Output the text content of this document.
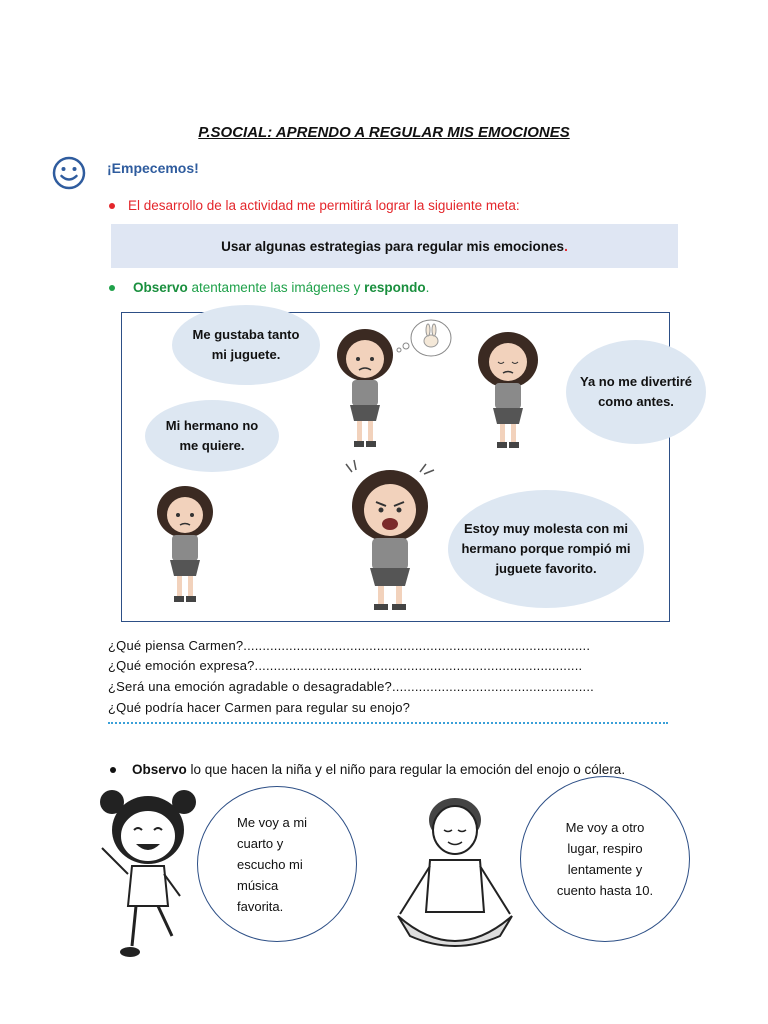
P.SOCIAL: APRENDO A REGULAR MIS EMOCIONES
¡Empecemos!
El desarrollo de la actividad me permitirá lograr la siguiente meta:
Usar algunas estrategias para regular mis emociones .
Observo atentamente las imágenes y respondo.
Me gustaba tanto mi juguete.
Mi hermano no me quiere.
Ya no me divertiré como antes.
Estoy muy molesta con mi hermano porque rompió mi juguete favorito.
¿Qué piensa Carmen?...........................................................................................
¿Qué emoción expresa?......................................................................................
¿Será una emoción agradable o desagradable?.....................................................
¿Qué podría hacer Carmen para regular su enojo?
Observo lo que hacen la niña y el niño para regular la emoción del enojo o cólera.
Me voy a mi cuarto y escucho mi música favorita.
Me voy a otro lugar, respiro lentamente y cuento hasta 10.
